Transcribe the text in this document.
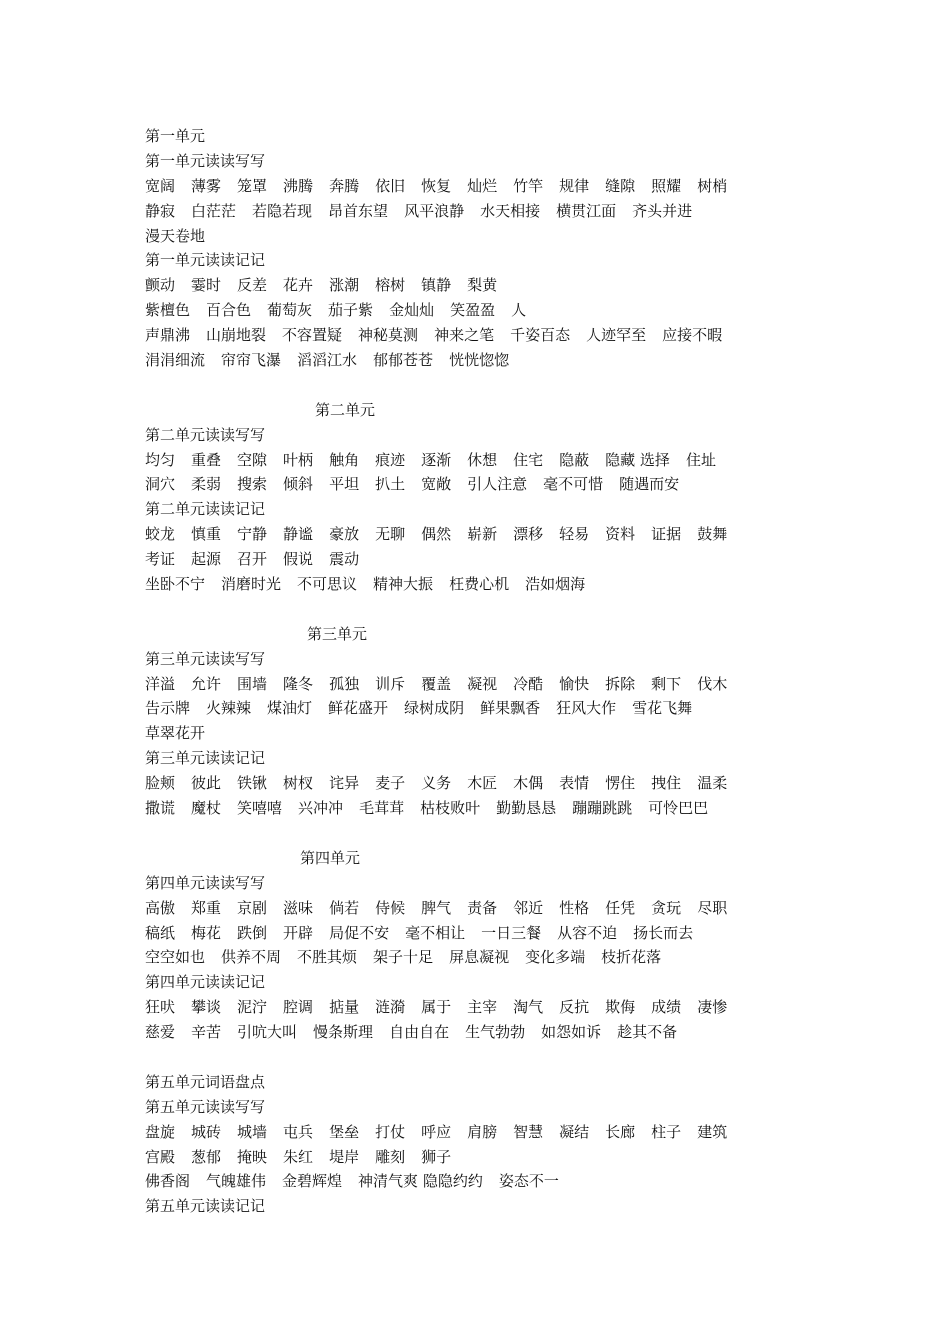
第一单元
第一单元读读写写
宽阔 薄雾 笼罩 沸腾 奔腾 依旧 恢复 灿烂 竹竿 规律 缝隙 照耀 树梢
静寂 白茫茫 若隐若现 昂首东望 风平浪静 水天相接 横贯江面 齐头并进
漫天卷地
第一单元读读记记
颤动 霎时 反差 花卉 涨潮 榕树 镇静 梨黄
紫檀色 百合色 葡萄灰 茄子紫 金灿灿 笑盈盈 人
声鼎沸 山崩地裂 不容置疑 神秘莫测 神来之笔 千姿百态 人迹罕至 应接不暇
涓涓细流 帘帘飞瀑 滔滔江水 郁郁苍苍 恍恍惚惚
第二单元
第二单元读读写写
均匀 重叠 空隙 叶柄 触角 痕迹 逐渐 休想 住宅 隐蔽 隐藏 选择 住址
洞穴 柔弱 搜索 倾斜 平坦 扒土 宽敞 引人注意 毫不可惜 随遇而安
第二单元读读记记
蛟龙 慎重 宁静 静谧 豪放 无聊 偶然 崭新 漂移 轻易 资料 证据 鼓舞
考证 起源 召开 假说 震动
坐卧不宁 消磨时光 不可思议 精神大振 枉费心机 浩如烟海
第三单元
第三单元读读写写
洋溢 允许 围墙 隆冬 孤独 训斥 覆盖 凝视 冷酷 愉快 拆除 剩下 伐木
告示牌 火辣辣 煤油灯 鲜花盛开 绿树成阴 鲜果飘香 狂风大作 雪花飞舞
草翠花开
第三单元读读记记
脸颊 彼此 铁锹 树杈 诧异 麦子 义务 木匠 木偶 表情 愣住 拽住 温柔
撒谎 魔杖 笑嘻嘻 兴冲冲 毛茸茸 枯枝败叶 勤勤恳恳 蹦蹦跳跳 可怜巴巴
第四单元
第四单元读读写写
高傲 郑重 京剧 滋味 倘若 侍候 脾气 责备 邻近 性格 任凭 贪玩 尽职
稿纸 梅花 跌倒 开辟 局促不安 毫不相让 一日三餐 从容不迫 扬长而去
空空如也 供养不周 不胜其烦 架子十足 屏息凝视 变化多端 枝折花落
第四单元读读记记
狂吠 攀谈 泥泞 腔调 掂量 涟漪 属于 主宰 淘气 反抗 欺侮 成绩 凄惨
慈爱 辛苦 引吭大叫 慢条斯理 自由自在 生气勃勃 如怨如诉 趁其不备
第五单元词语盘点
第五单元读读写写
盘旋 城砖 城墙 屯兵 堡垒 打仗 呼应 肩膀 智慧 凝结 长廊 柱子 建筑
宫殿 葱郁 掩映 朱红 堤岸 雕刻 狮子
佛香阁 气魄雄伟 金碧辉煌 神清气爽 隐隐约约 姿态不一
第五单元读读记记
